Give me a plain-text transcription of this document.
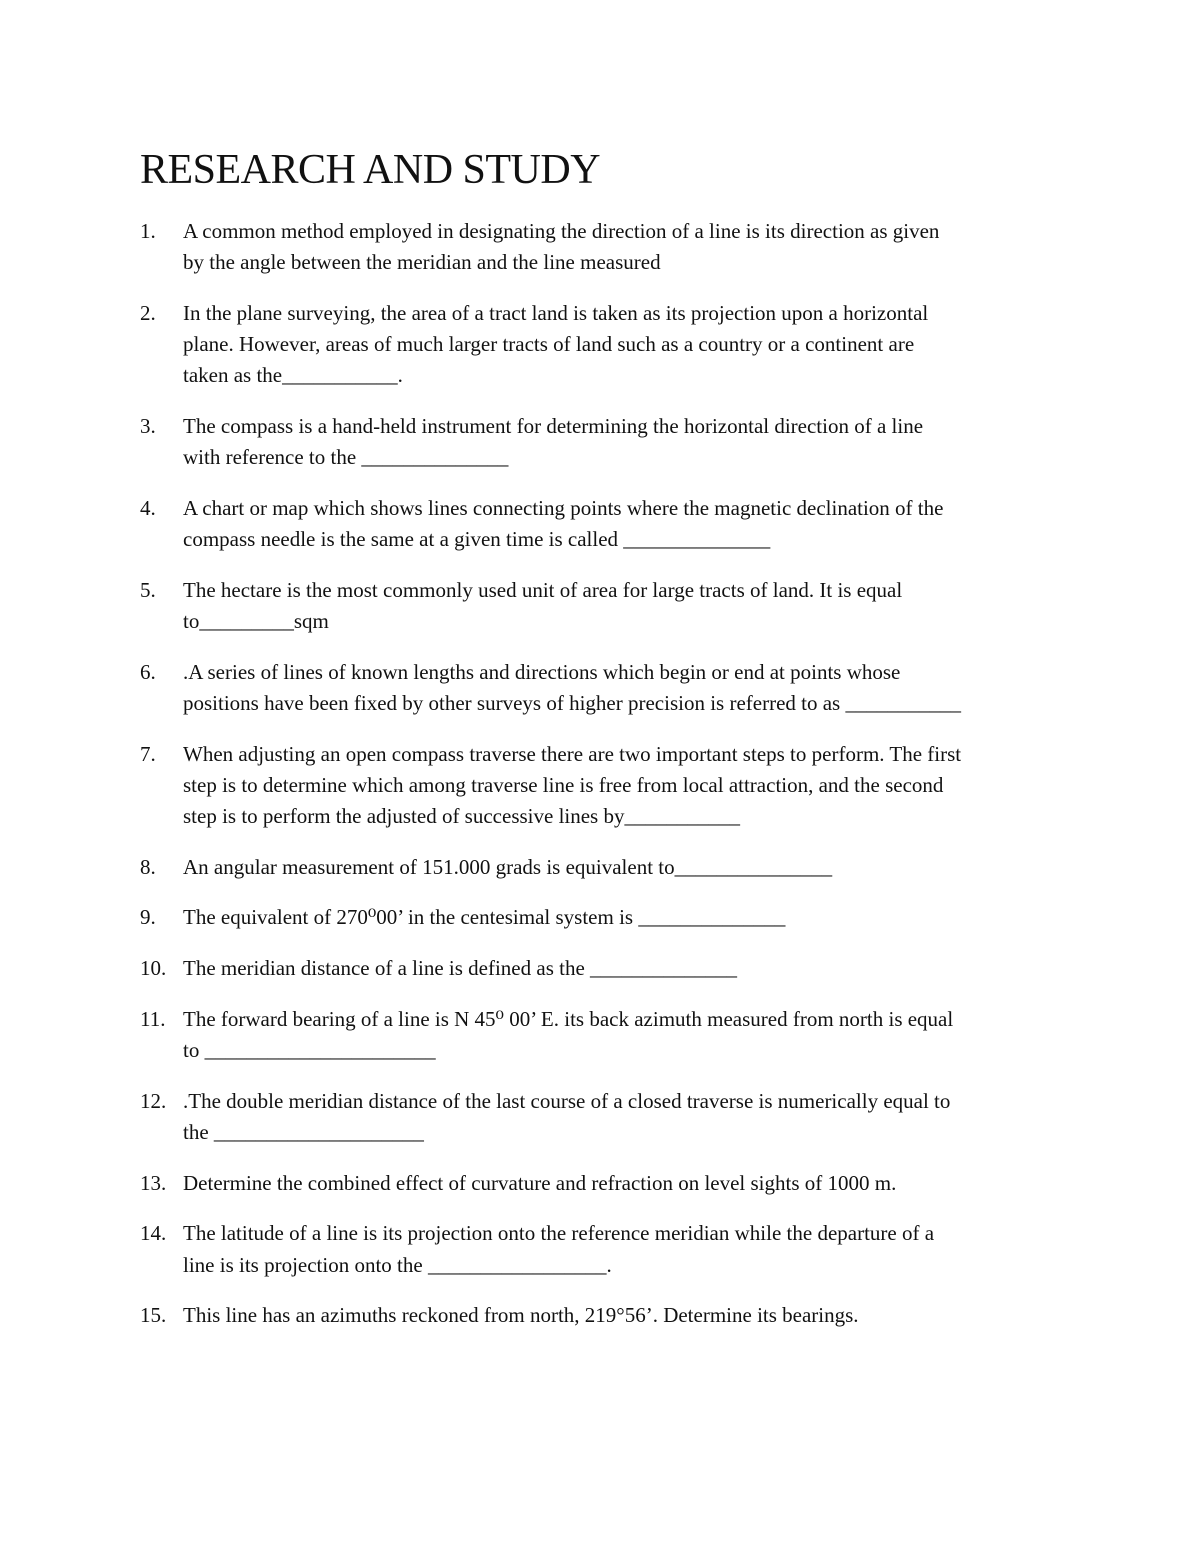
RESEARCH AND STUDY
1. A common method employed in designating the direction of a line is its direction as given
by the angle between the meridian and the line measured
2. In the plane surveying, the area of a tract land is taken as its projection upon a horizontal
plane. However, areas of much larger tracts of land such as a country or a continent are
taken as the___________.
3. The compass is a hand-held instrument for determining the horizontal direction of a line
with reference to the ______________
4. A chart or map which shows lines connecting points where the magnetic declination of the
compass needle is the same at a given time is called ______________
5. The hectare is the most commonly used unit of area for large tracts of land. It is equal
to_________sqm
6. .A series of lines of known lengths and directions which begin or end at points whose
positions have been fixed by other surveys of higher precision is referred to as ___________
7. When adjusting an open compass traverse there are two important steps to perform. The first
step is to determine which among traverse line is free from local attraction, and the second
step is to perform the adjusted of successive lines by___________
8. An angular measurement of 151.000 grads is equivalent to_______________
9. The equivalent of 270⁰00’ in the centesimal system is ______________
10. The meridian distance of a line is defined as the ______________
11. The forward bearing of a line is N 45⁰ 00’ E. its back azimuth measured from north is equal
to ______________________
12. .The double meridian distance of the last course of a closed traverse is numerically equal to
the ____________________
13. Determine the combined effect of curvature and refraction on level sights of 1000 m.
14. The latitude of a line is its projection onto the reference meridian while the departure of a
line is its projection onto the _________________.
15. This line has an azimuths reckoned from north, 219°56’. Determine its bearings.
